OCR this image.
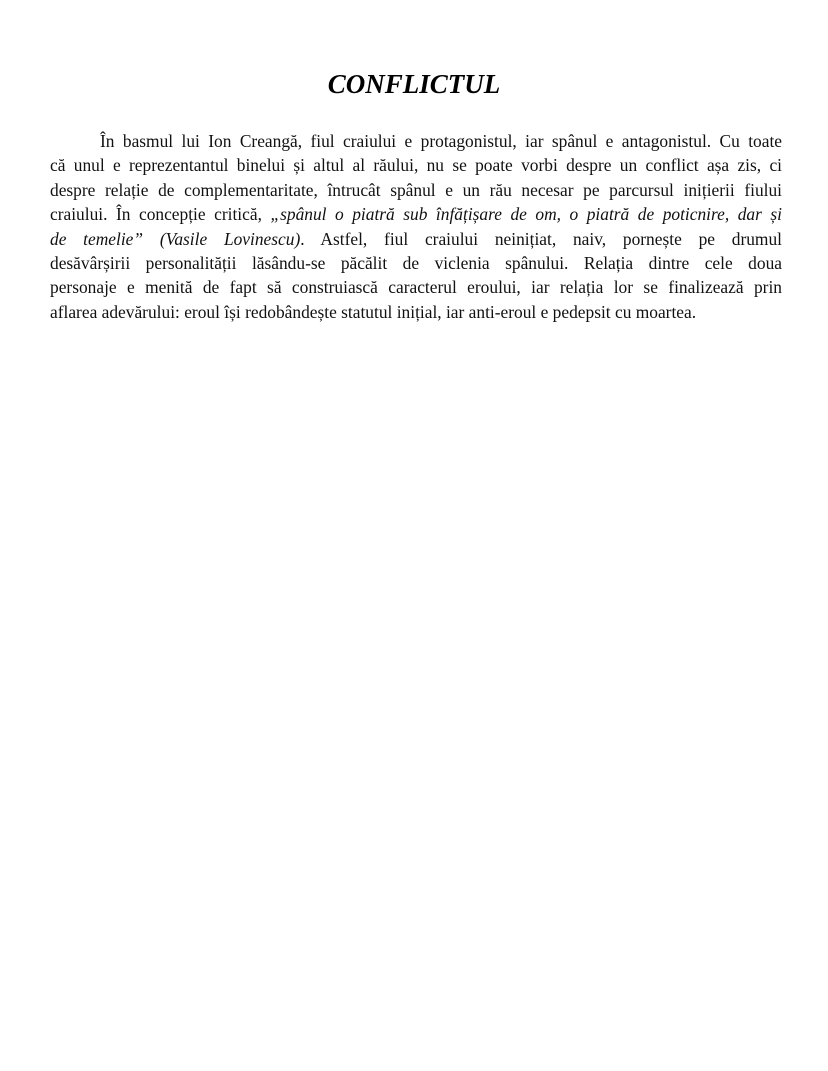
CONFLICTUL
În basmul lui Ion Creangă, fiul craiului e protagonistul, iar spânul e antagonistul. Cu toate
că unul e reprezentantul binelui și altul al răului, nu se poate vorbi despre un conflict așa zis, ci
despre relație de complementaritate, întrucât spânul e un rău necesar pe parcursul inițierii fiului
craiului. În concepție critică, „spânul o piatră sub înfățișare de om, o piatră de poticnire, dar și
de temelie” (Vasile Lovinescu). Astfel, fiul craiului neinițiat, naiv, pornește pe drumul
desăvârșirii personalității lăsându-se păcălit de viclenia spânului. Relația dintre cele doua
personaje e menită de fapt să construiască caracterul eroului, iar relația lor se finalizează prin
aflarea adevărului: eroul își redobândește statutul inițial, iar anti-eroul e pedepsit cu moartea.
